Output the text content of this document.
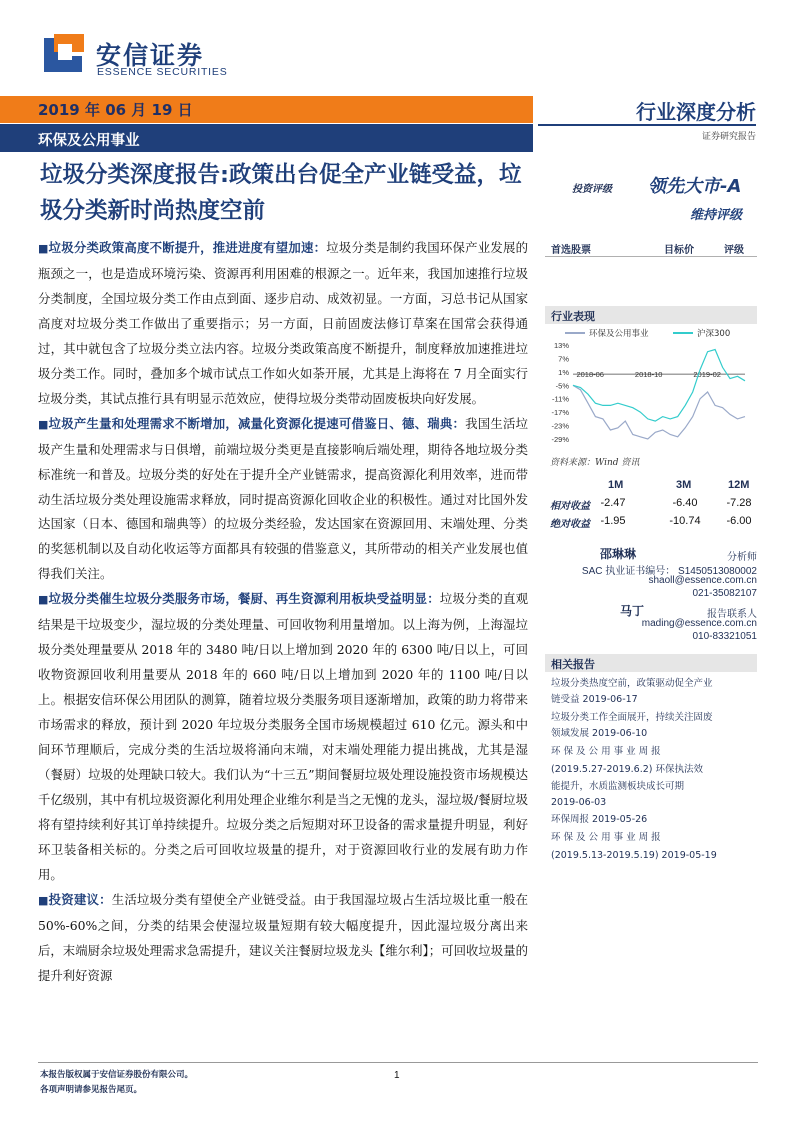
安信证券
ESSENCE SECURITIES
2019 年 06 月 19 日
环保及公用事业
行业深度分析
证券研究报告
垃圾分类深度报告:政策出台促全产业链受益，垃圾分类新时尚热度空前
投资评级 领先大市-A
维持评级
首选股票	目标价	评级
行业表现
环保及公用事业	沪深300
13%
7%
1%
-5%
-11%
-17%
-23%
-29%
2018-06	2018-10	2019-02
资料来源：Wind 资讯
1M	3M	12M
相对收益 -2.47	-6.40	-7.28
绝对收益 -1.95	-10.74	-6.00
邵琳琳	分析师
SAC 执业证书编号： S1450513080002
shaoll@essence.com.cn
021-35082107
马丁	报告联系人
mading@essence.com.cn
010-83321051
相关报告
垃圾分类热度空前，政策驱动促全产业
链受益 2019-06-17
垃圾分类工作全面展开，持续关注固废
领域发展 2019-06-10
环 保 及 公 用 事 业 周 报
(2019.5.27-2019.6.2) 环保执法效
能提升，水质监测板块成长可期
2019-06-03
环保周报 2019-05-26
环 保 及 公 用 事 业 周 报
(2019.5.13-2019.5.19) 2019-05-19

■垃圾分类政策高度不断提升，推进进度有望加速：垃圾分类是制约我国环保产业发展的瓶颈之一，也是造成环境污染、资源再利用困难的根源之一。近年来，我国加速推行垃圾分类制度，全国垃圾分类工作由点到面、逐步启动、成效初显。一方面，习总书记从国家高度对垃圾分类工作做出了重要指示；另一方面，日前固废法修订草案在国常会获得通过，其中就包含了垃圾分类立法内容。垃圾分类政策高度不断提升，制度释放加速推进垃圾分类工作。同时，叠加多个城市试点工作如火如荼开展，尤其是上海将在 7 月全面实行垃圾分类，其试点推行具有明显示范效应，使得垃圾分类带动固废板块向好发展。

■垃圾产生量和处理需求不断增加，减量化资源化提速可借鉴日、德、瑞典：我国生活垃圾产生量和处理需求与日俱增，前端垃圾分类更是直接影响后端处理，期待各地垃圾分类标准统一和普及。垃圾分类的好处在于提升全产业链需求，提高资源化利用效率，进而带动生活垃圾分类处理设施需求释放，同时提高资源化回收企业的积极性。通过对比国外发达国家（日本、德国和瑞典等）的垃圾分类经验，发达国家在资源回用、末端处理、分类的奖惩机制以及自动化收运等方面都具有较强的借鉴意义，其所带动的相关产业发展也值得我们关注。

■垃圾分类催生垃圾分类服务市场，餐厨、再生资源利用板块受益明显：垃圾分类的直观结果是干垃圾变少，湿垃圾的分类处理量、可回收物利用量增加。以上海为例，上海湿垃圾分类处理量要从 2018 年的 3480 吨/日以上增加到 2020 年的 6300 吨/日以上，可回收物资源回收利用量要从 2018 年的 660 吨/日以上增加到 2020 年的 1100 吨/日以上。根据安信环保公用团队的测算，随着垃圾分类服务项目逐渐增加，政策的助力将带来市场需求的释放，预计到 2020 年垃圾分类服务全国市场规模超过 610 亿元。源头和中间环节理顺后，完成分类的生活垃圾将涌向末端，对末端处理能力提出挑战，尤其是湿（餐厨）垃圾的处理缺口较大。我们认为“十三五”期间餐厨垃圾处理设施投资市场规模达千亿级别，其中有机垃圾资源化利用处理企业维尔利是当之无愧的龙头，湿垃圾/餐厨垃圾将有望持续利好其订单持续提升。垃圾分类之后短期对环卫设备的需求量提升明显，利好环卫装备相关标的。分类之后可回收垃圾量的提升，对于资源回收行业的发展有助力作用。

■投资建议：生活垃圾分类有望使全产业链受益。由于我国湿垃圾占生活垃圾比重一般在 50%-60%之间，分类的结果会使湿垃圾量短期有较大幅度提升，因此湿垃圾分离出来后，末端厨余垃圾处理需求急需提升，建议关注餐厨垃圾龙头【维尔利】；可回收垃圾量的提升利好资源

本报告版权属于安信证券股份有限公司。
各项声明请参见报告尾页。
1
